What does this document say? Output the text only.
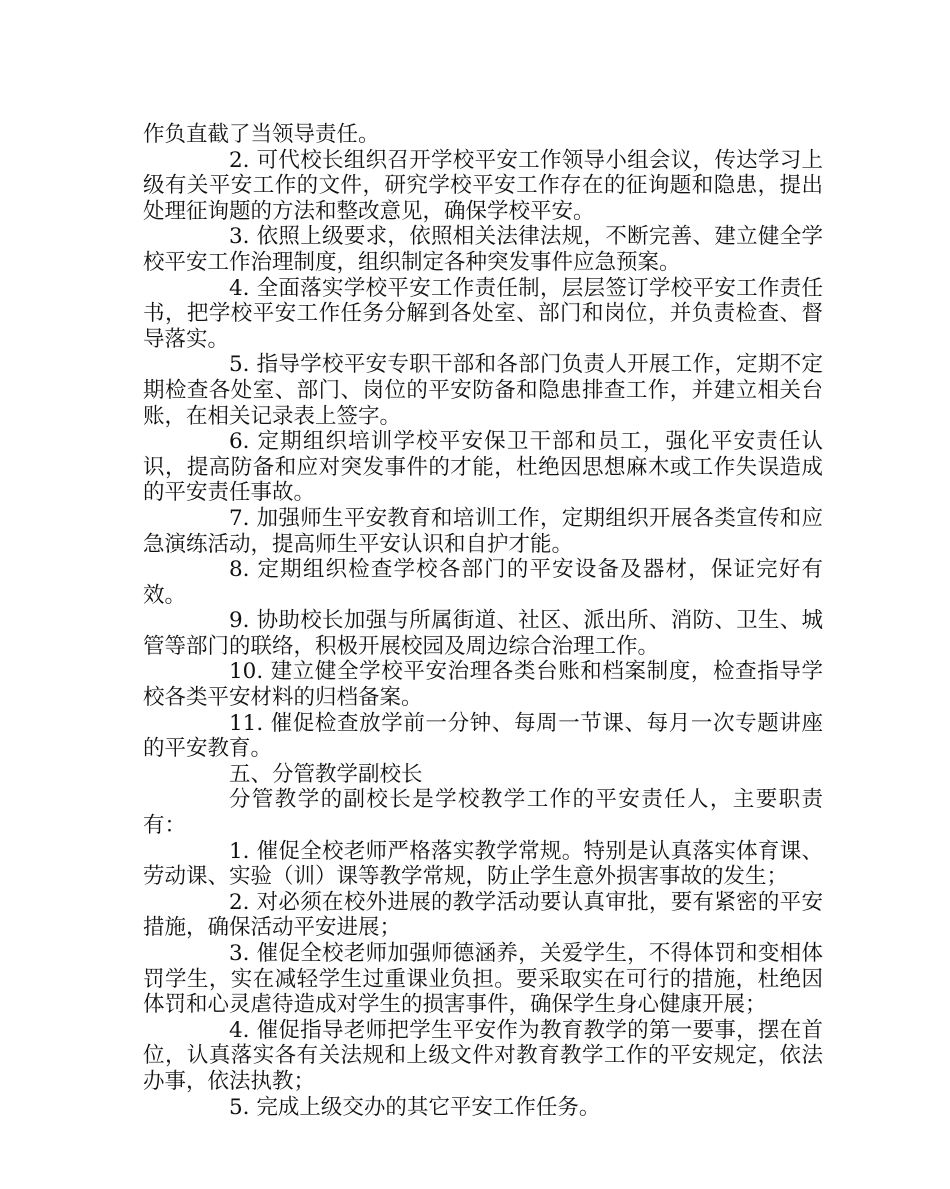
作负直截了当领导责任。

2. 可代校长组织召开学校平安工作领导小组会议，传达学习上级有关平安工作的文件，研究学校平安工作存在的征询题和隐患，提出处理征询题的方法和整改意见，确保学校平安。

3. 依照上级要求，依照相关法律法规，不断完善、建立健全学校平安工作治理制度，组织制定各种突发事件应急预案。

4. 全面落实学校平安工作责任制，层层签订学校平安工作责任书，把学校平安工作任务分解到各处室、部门和岗位，并负责检查、督导落实。

5. 指导学校平安专职干部和各部门负责人开展工作，定期不定期检查各处室、部门、岗位的平安防备和隐患排查工作，并建立相关台账，在相关记录表上签字。

6. 定期组织培训学校平安保卫干部和员工，强化平安责任认识，提高防备和应对突发事件的才能，杜绝因思想麻木或工作失误造成的平安责任事故。

7. 加强师生平安教育和培训工作，定期组织开展各类宣传和应急演练活动，提高师生平安认识和自护才能。

8. 定期组织检查学校各部门的平安设备及器材，保证完好有效。

9. 协助校长加强与所属街道、社区、派出所、消防、卫生、城管等部门的联络，积极开展校园及周边综合治理工作。

10. 建立健全学校平安治理各类台账和档案制度，检查指导学校各类平安材料的归档备案。

11. 催促检查放学前一分钟、每周一节课、每月一次专题讲座的平安教育。

五、分管教学副校长

分管教学的副校长是学校教学工作的平安责任人，主要职责有：

1. 催促全校老师严格落实教学常规。特别是认真落实体育课、劳动课、实验（训）课等教学常规，防止学生意外损害事故的发生；

2. 对必须在校外进展的教学活动要认真审批，要有紧密的平安措施，确保活动平安进展；

3. 催促全校老师加强师德涵养，关爱学生，不得体罚和变相体罚学生，实在减轻学生过重课业负担。要采取实在可行的措施，杜绝因体罚和心灵虐待造成对学生的损害事件，确保学生身心健康开展；

4. 催促指导老师把学生平安作为教育教学的第一要事，摆在首位，认真落实各有关法规和上级文件对教育教学工作的平安规定，依法办事，依法执教；

5. 完成上级交办的其它平安工作任务。
